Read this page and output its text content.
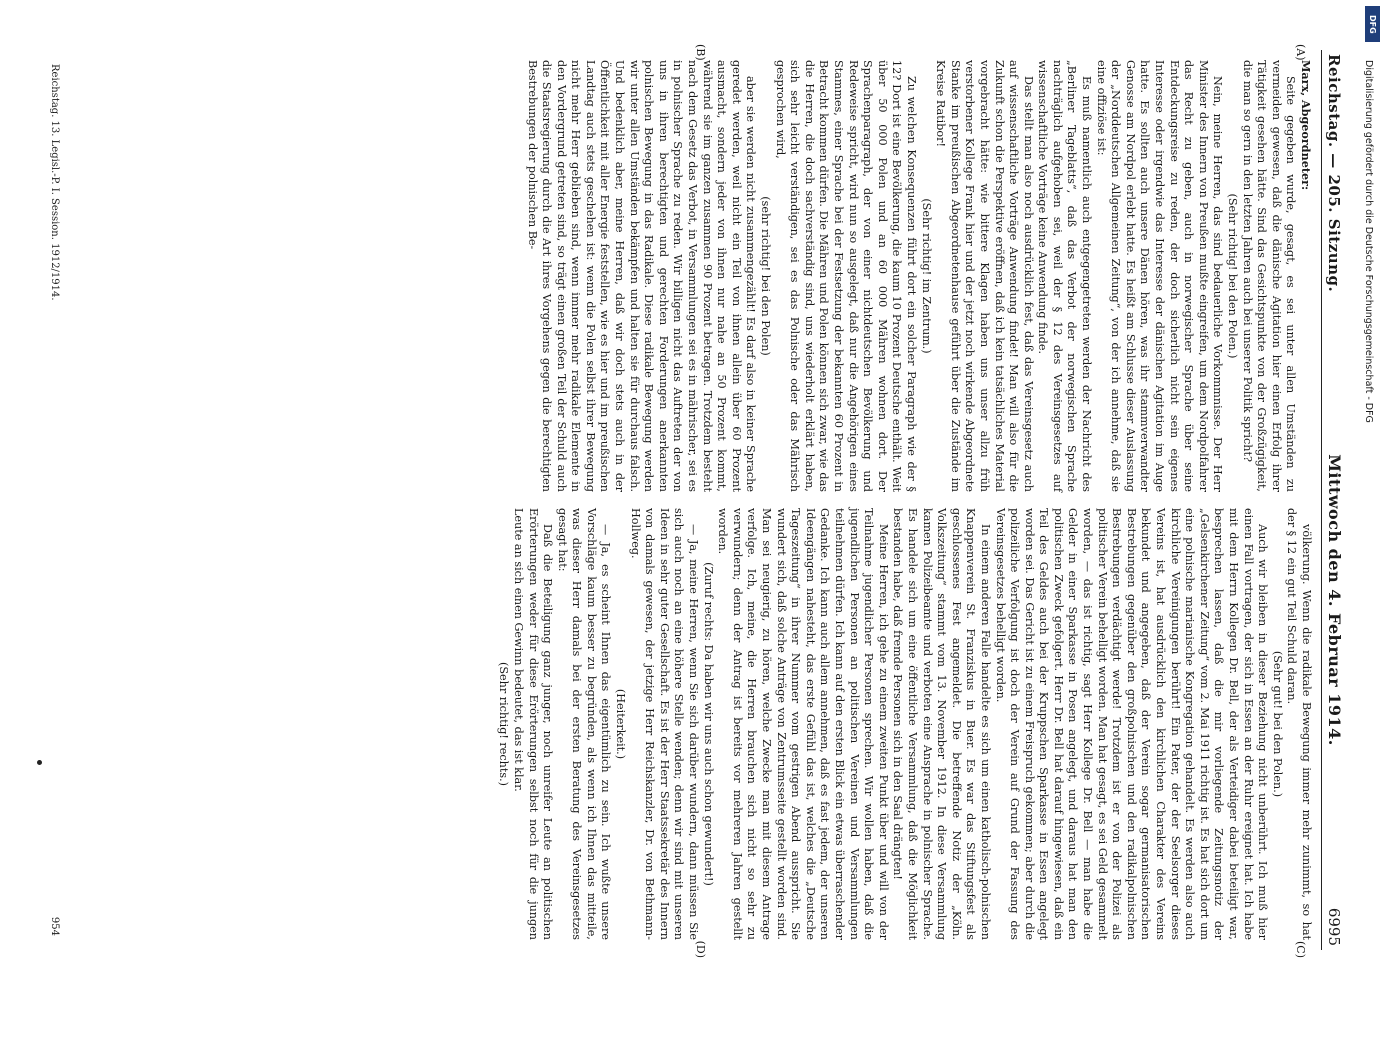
Reichstag. — 205. Sitzung.
Mittwoch den 4. Februar 1914.
6995

Marx, Abgeordneter:

Seite gegeben wurde, gesagt, es sei unter allen Umständen zu vermeiden gewesen, daß die dänische Agitation hier einen Erfolg ihrer Tätigkeit gesehen hätte. Sind das Gesichtspunkte von der Großzügigkeit, die man so gern in den letzten Jahren auch bei unserer Politik spricht?

(Sehr richtig! bei den Polen.)

Nein, meine Herren, das sind bedauerliche Vorkommnisse. Der Herr Minister des Innern von Preußen mußte eingreifen, um dem Nordpolfahrer das Recht zu geben, auch in norwegischer Sprache über seine Entdeckungsreise zu reden, der doch sicherlich nicht sein eigenes Interesse oder irgendwie das Interesse der dänischen Agitation im Auge hatte. Es sollten auch unsere Dänen hören, was ihr stammverwandter Genosse am Nordpol erlebt hatte. Es heißt am Schlusse dieser Auslassung der „Norddeutschen Allgemeinen Zeitung“, von der ich annehme, daß sie eine offiziöse ist:

Es muß namentlich auch entgegengetreten werden der Nachricht des „Berliner Tageblatts“, daß das Verbot der norwegischen Sprache nachträglich aufgehoben sei, weil der § 12 des Vereinsgesetzes auf wissenschaftliche Vorträge keine Anwendung finde.

Das stellt man also noch ausdrücklich fest, daß das Vereinsgesetz auch auf wissenschaftliche Vorträge Anwendung findet! Man will also für die Zukunft schon die Perspektive eröffnen, daß ich kein tatsächliches Material vorgebracht hätte: wie bittere Klagen haben uns unser allzu früh verstorbener Kollege Frank hier und der jetzt noch wirkende Abgeordnete Stanke im preußischen Abgeordnetenhause geführt über die Zustände im Kreise Ratibor!

(Sehr richtig! im Zentrum.)

Zu welchen Konsequenzen führt dort ein solcher Paragraph wie der § 12? Dort ist eine Bevölkerung, die kaum 10 Prozent Deutsche enthält. Weit über 50 000 Polen und an 60 000 Mähren wohnen dort. Der Sprachenparagraph, der von einer nichtdeutschen Bevölkerung und Redeweise spricht, wird nun so ausgelegt, daß nur die Angehörigen eines Stammes, einer Sprache bei der Festsetzung der bekannten 60 Prozent in Betracht kommen dürfen. Die Mähren und Polen können sich zwar, wie das die Herren, die doch sachverständig sind, uns wiederholt erklärt haben, sich sehr leicht verständigen, sei es das Polnische oder das Mährisch gesprochen wird,

(sehr richtig! bei den Polen)

aber sie werden nicht zusammengezählt! Es darf also in keiner Sprache geredet werden, weil nicht ein Teil von ihnen allein über 60 Prozent ausmacht, sondern jeder von ihnen nur nahe an 50 Prozent kommt, während sie im ganzen zusammen 90 Prozent betragen. Trotzdem besteht nach dem Gesetz das Verbot, in Versammlungen sei es in mährischer, sei es in polnischer Sprache zu reden. Wir billigen nicht das Auftreten der von uns in ihren berechtigten und gerechten Forderungen anerkannten polnischen Bewegung in das Radikale. Diese radikale Bewegung werden wir unter allen Umständen bekämpfen und halten sie für durchaus falsch. Und bedenklich aber, meine Herren, daß wir doch stets auch in der Öffentlichkeit mit aller Energie feststellen, wie es hier und im preußischen Landtag auch stets geschehen ist: wenn die Polen selbst ihrer Bewegung nicht mehr Herr geblieben sind, wenn immer mehr radikale Elemente in den Vordergrund getreten sind, so trägt einen großen Teil der Schuld auch die Staatsregierung durch die Art ihres Vorgehens gegen die berechtigten Bestrebungen der polnischen Be-

völkerung. Wenn die radikale Bewegung immer mehr zunimmt, so hat der § 12 ein gut Teil Schuld daran.

(Sehr gut! bei den Polen.)

Auch wir bleiben in dieser Beziehung nicht unberührt. Ich muß hier einen Fall vortragen, der sich in Essen an der Ruhr ereignet hat. Ich habe mit dem Herrn Kollegen Dr. Bell, der als Verteidiger dabei beteiligt war, besprechen lassen, daß die mir vorliegende Zeitungsnotiz der „Gelsenkirchener Zeitung“ vom 2. Mai 1911 richtig ist. Es hat sich dort um eine polnische marianische Kongregation gehandelt. Es werden also auch kirchliche Vereinigungen berührt! Ein Pater, der der Seelsorger dieses Vereins ist, hat ausdrücklich den kirchlichen Charakter des Vereins bekundet und angegeben, daß der Verein sogar germanisatorischen Bestrebungen gegenüber den großpolnischen und den radikalpolnischen Bestrebungen verdächtigt werde! Trotzdem ist er von der Polizei als politischer Verein behelligt worden. Man hat gesagt, es sei Geld gesammelt worden, — das ist richtig, sagt Herr Kollege Dr. Bell — man habe die Gelder in einer Sparkasse in Posen angelegt, und daraus hat man den politischen Zweck gefolgert. Herr Dr. Bell hat darauf hingewiesen, daß ein Teil des Geldes auch bei der Kruppschen Sparkasse in Essen angelegt worden sei. Das Gericht ist zu einem Freispruch gekommen; aber durch die polizeiliche Verfolgung ist doch der Verein auf Grund der Fassung des Vereinsgesetzes behelligt worden.

In einem anderen Falle handelte es sich um einen katholisch-polnischen Knappenverein St. Franziskus in Buer. Es war das Stiftungsfest als geschlossenes Fest angemeldet. Die betreffende Notiz der „Köln. Volkszeitung“ stammt vom 13. November 1912. In diese Versammlung kamen Polizeibeamte und verboten eine Ansprache in polnischer Sprache. Es handele sich um eine öffentliche Versammlung, daß die Möglichkeit bestanden habe, daß fremde Personen sich in den Saal drängten!

Meine Herren, ich gehe zu einem zweiten Punkt über und will von der Teilnahme jugendlicher Personen sprechen. Wir wollen haben, daß die jugendlichen Personen an politischen Vereinen und Versammlungen teilnehmen dürfen. Ich kann auf den ersten Blick ein etwas überraschender Gedanke. Ich kann auch allem annehmen, daß es fast jedem, der unseren Ideengängen nahesteht, das erste Gefühl das ist, welches die „Deutsche Tageszeitung“ in ihrer Nummer vom gestrigen Abend ausspricht. Sie wundert sich, daß solche Anträge von Zentrumsseite gestellt worden sind. Man sei neugierig, zu hören, welche Zwecke man mit diesem Antrage verfolge. Ich, meine, die Herren brauchen sich nicht so sehr zu verwundern; denn der Antrag ist bereits vor mehreren Jahren gestellt worden.

(Zuruf rechts: Da haben wir uns auch schon gewundert!)

— Ja, meine Herren, wenn Sie sich darüber wundern, dann müssen Sie sich auch noch an eine höhere Stelle wenden; denn wir sind mit unseren Ideen in sehr guter Gesellschaft. Es ist der Herr Staatssekretär des Innern von damals gewesen, der jetzige Herr Reichskanzler, Dr. von Bethmann-Hollweg.

(Heiterkeit.)

— Ja, es scheint Ihnen das eigentümlich zu sein. Ich wußte unsere Vorschläge kaum besser zu begründen, als wenn ich Ihnen das mitteile, was dieser Herr damals bei der ersten Beratung des Vereinsgesetzes gesagt hat:

Daß die Beteiligung ganz junger, noch unreifer Leute an politischen Erörterungen weder für diese Erörterungen selbst noch für die jungen Leute an sich einen Gewinn bedeutet, das ist klar.

(Sehr richtig! rechts.)

(A)
(B)
(C)
(D)
Reichstag. 13. Legisl.-P. I. Session. 1912/1914.
954
DFG
Digitalisierung gefördert durch die Deutsche Forschungsgemeinschaft - DFG
